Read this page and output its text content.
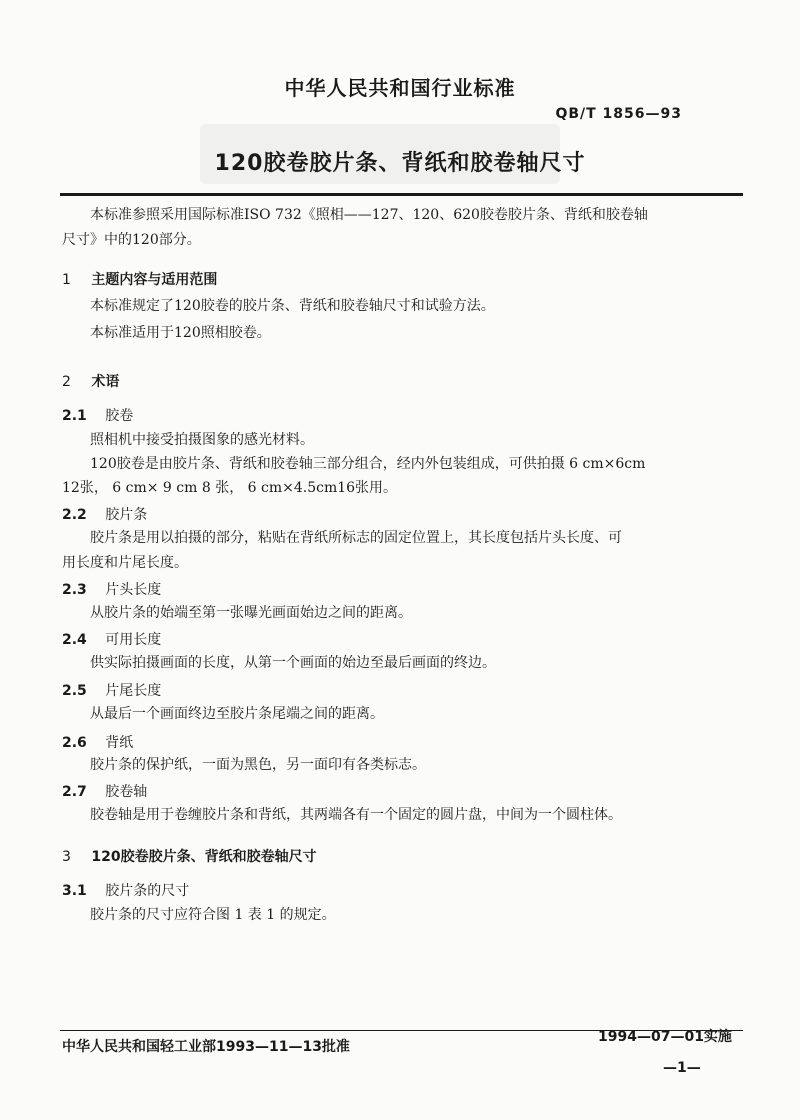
中华人民共和国行业标准
QB/T 1856—93
120胶卷胶片条、背纸和胶卷轴尺寸
本标准参照采用国际标准ISO 732《照相——127、120、620胶卷胶片条、背纸和胶卷轴
尺寸》中的120部分。
1 主题内容与适用范围
本标准规定了120胶卷的胶片条、背纸和胶卷轴尺寸和试验方法。
本标准适用于120照相胶卷。
2 术语
2.1 胶卷
照相机中接受拍摄图象的感光材料。
120胶卷是由胶片条、背纸和胶卷轴三部分组合，经内外包装组成，可供拍摄 6 cm×6cm
12张， 6 cm× 9 cm 8 张， 6 cm×4.5cm16张用。
2.2 胶片条
胶片条是用以拍摄的部分，粘贴在背纸所标志的固定位置上，其长度包括片头长度、可
用长度和片尾长度。
2.3 片头长度
从胶片条的始端至第一张曝光画面始边之间的距离。
2.4 可用长度
供实际拍摄画面的长度，从第一个画面的始边至最后画面的终边。
2.5 片尾长度
从最后一个画面终边至胶片条尾端之间的距离。
2.6 背纸
胶片条的保护纸，一面为黑色，另一面印有各类标志。
2.7 胶卷轴
胶卷轴是用于卷缠胶片条和背纸，其两端各有一个固定的圆片盘，中间为一个圆柱体。
3 120胶卷胶片条、背纸和胶卷轴尺寸
3.1 胶片条的尺寸
胶片条的尺寸应符合图 1 表 1 的规定。
中华人民共和国轻工业部1993—11—13批准
1994—07—01实施
—1—
